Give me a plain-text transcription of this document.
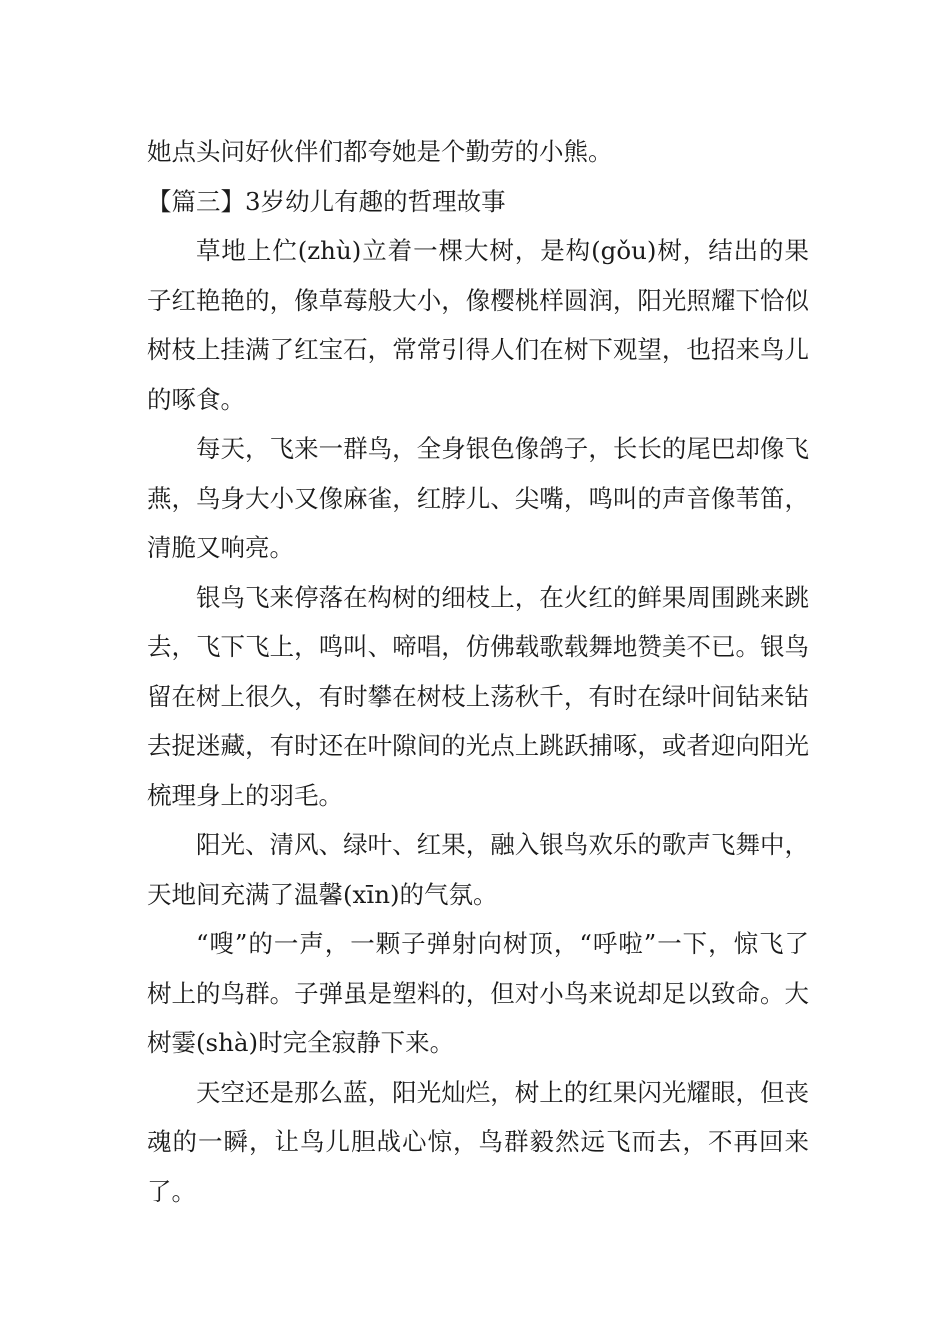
她点头问好伙伴们都夸她是个勤劳的小熊。

【篇三】3岁幼儿有趣的哲理故事

草地上伫(zhù)立着一棵大树，是构(gǒu)树，结出的果子红艳艳的，像草莓般大小，像樱桃样圆润，阳光照耀下恰似树枝上挂满了红宝石，常常引得人们在树下观望，也招来鸟儿的啄食。

每天，飞来一群鸟，全身银色像鸽子，长长的尾巴却像飞燕，鸟身大小又像麻雀，红脖儿、尖嘴，鸣叫的声音像苇笛，清脆又响亮。

银鸟飞来停落在构树的细枝上，在火红的鲜果周围跳来跳去，飞下飞上，鸣叫、啼唱，仿佛载歌载舞地赞美不已。银鸟留在树上很久，有时攀在树枝上荡秋千，有时在绿叶间钻来钻去捉迷藏，有时还在叶隙间的光点上跳跃捕啄，或者迎向阳光梳理身上的羽毛。

阳光、清风、绿叶、红果，融入银鸟欢乐的歌声飞舞中，天地间充满了温馨(xīn)的气氛。

“嗖”的一声，一颗子弹射向树顶，“呼啦”一下，惊飞了树上的鸟群。子弹虽是塑料的，但对小鸟来说却足以致命。大树霎(shà)时完全寂静下来。

天空还是那么蓝，阳光灿烂，树上的红果闪光耀眼，但丧魂的一瞬，让鸟儿胆战心惊，鸟群毅然远飞而去，不再回来了。
